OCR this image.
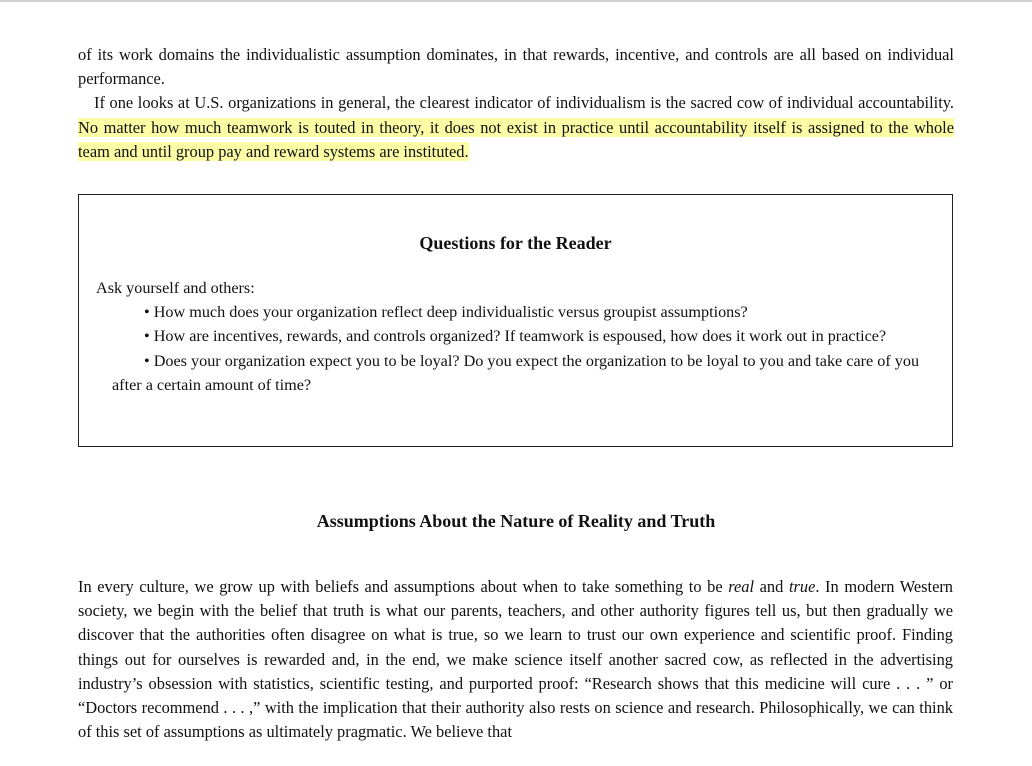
of its work domains the individualistic assumption dominates, in that rewards, incentive, and controls are all based on individual performance.

If one looks at U.S. organizations in general, the clearest indicator of individualism is the sacred cow of individual accountability. No matter how much teamwork is touted in theory, it does not exist in practice until accountability itself is assigned to the whole team and until group pay and reward systems are instituted.

Questions for the Reader

Ask yourself and others:

• How much does your organization reflect deep individualistic versus groupist assumptions?

• How are incentives, rewards, and controls organized? If teamwork is espoused, how does it work out in practice?

• Does your organization expect you to be loyal? Do you expect the organization to be loyal to you and take care of you after a certain amount of time?

Assumptions About the Nature of Reality and Truth

In every culture, we grow up with beliefs and assumptions about when to take something to be real and true. In modern Western society, we begin with the belief that truth is what our parents, teachers, and other authority figures tell us, but then gradually we discover that the authorities often disagree on what is true, so we learn to trust our own experience and scientific proof. Finding things out for ourselves is rewarded and, in the end, we make science itself another sacred cow, as reflected in the advertising industry’s obsession with statistics, scientific testing, and purported proof: “Research shows that this medicine will cure . . . ” or “Doctors recommend . . . ,” with the implication that their authority also rests on science and research. Philosophically, we can think of this set of assumptions as ultimately pragmatic. We believe that
